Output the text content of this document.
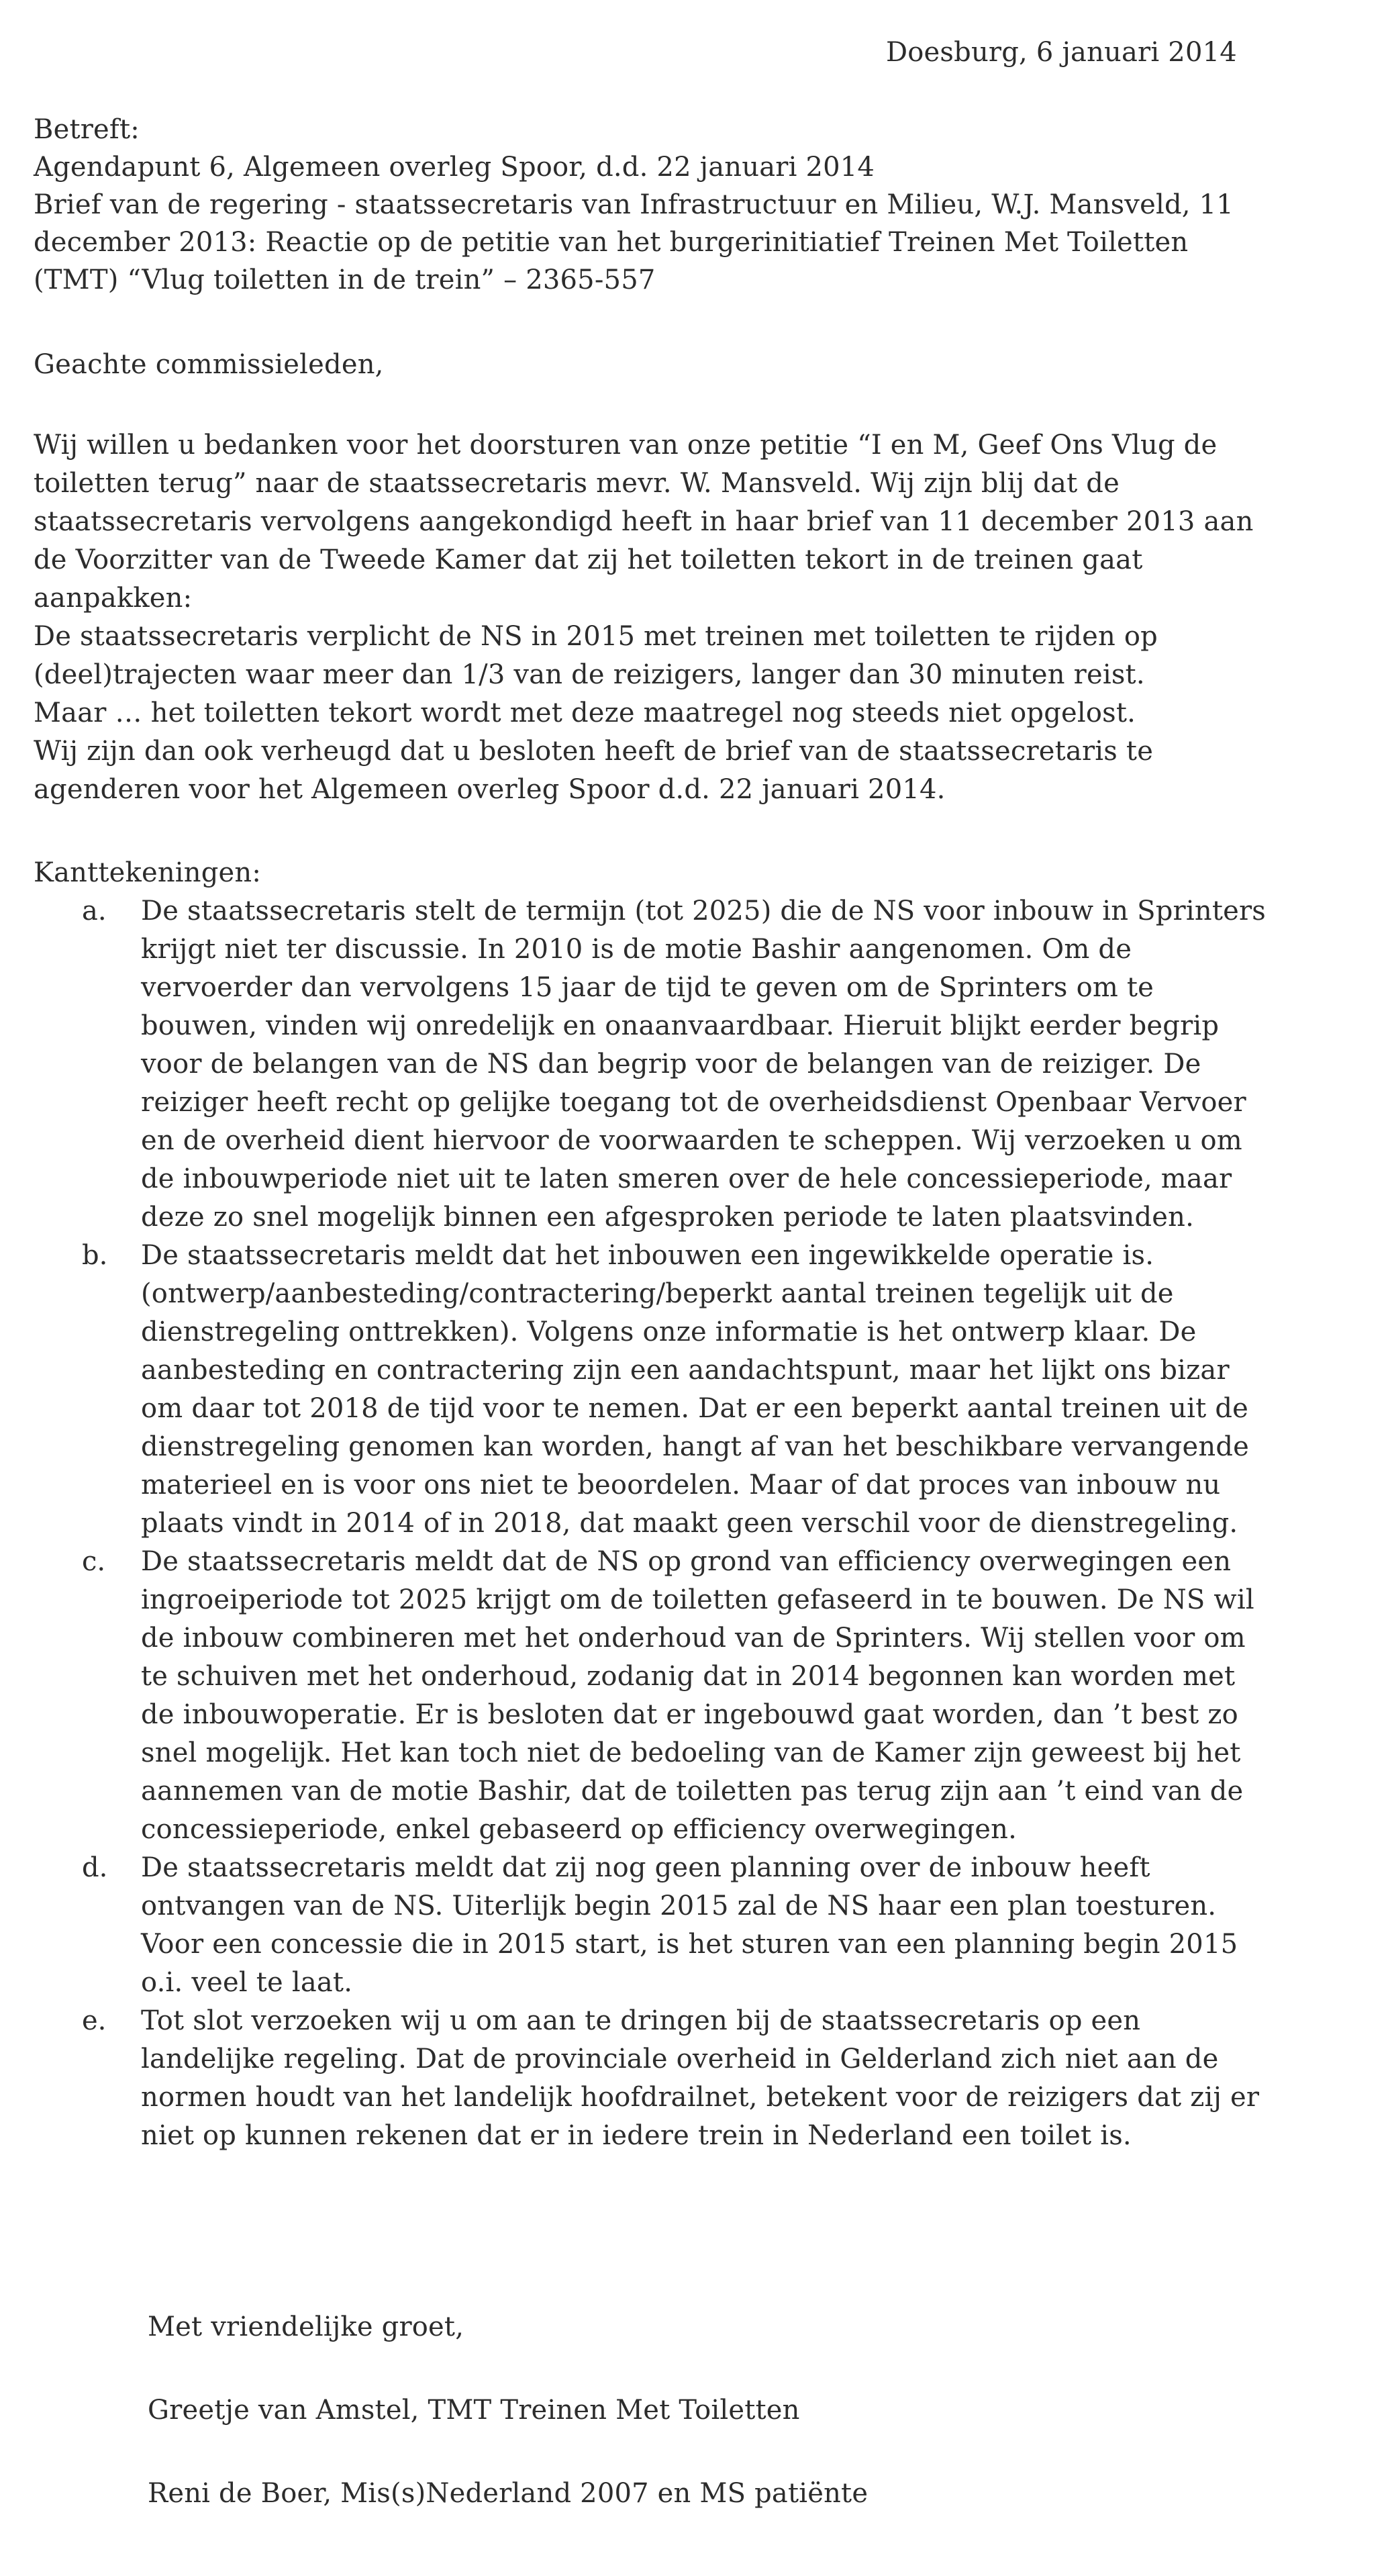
Doesburg, 6 januari 2014
Betreft:
Agendapunt 6, Algemeen overleg Spoor, d.d. 22 januari 2014
Brief van de regering - staatssecretaris van Infrastructuur en Milieu, W.J. Mansveld, 11
december 2013: Reactie op de petitie van het burgerinitiatief Treinen Met Toiletten
(TMT) “Vlug toiletten in de trein” – 2365-557
Geachte commissieleden,
Wij willen u bedanken voor het doorsturen van onze petitie “I en M, Geef Ons Vlug de
toiletten terug” naar de staatssecretaris mevr. W. Mansveld. Wij zijn blij dat de
staatssecretaris vervolgens aangekondigd heeft in haar brief van 11 december 2013 aan
de Voorzitter van de Tweede Kamer dat zij het toiletten tekort in de treinen gaat
aanpakken:
De staatssecretaris verplicht de NS in 2015 met treinen met toiletten te rijden op
(deel)trajecten waar meer dan 1/3 van de reizigers, langer dan 30 minuten reist.
Maar … het toiletten tekort wordt met deze maatregel nog steeds niet opgelost.
Wij zijn dan ook verheugd dat u besloten heeft de brief van de staatssecretaris te
agenderen voor het Algemeen overleg Spoor d.d. 22 januari 2014.
Kanttekeningen:
a. De staatssecretaris stelt de termijn (tot 2025) die de NS voor inbouw in Sprinters
krijgt niet ter discussie. In 2010 is de motie Bashir aangenomen. Om de
vervoerder dan vervolgens 15 jaar de tijd te geven om de Sprinters om te
bouwen, vinden wij onredelijk en onaanvaardbaar. Hieruit blijkt eerder begrip
voor de belangen van de NS dan begrip voor de belangen van de reiziger. De
reiziger heeft recht op gelijke toegang tot de overheidsdienst Openbaar Vervoer
en de overheid dient hiervoor de voorwaarden te scheppen. Wij verzoeken u om
de inbouwperiode niet uit te laten smeren over de hele concessieperiode, maar
deze zo snel mogelijk binnen een afgesproken periode te laten plaatsvinden.
b. De staatssecretaris meldt dat het inbouwen een ingewikkelde operatie is.
(ontwerp/aanbesteding/contractering/beperkt aantal treinen tegelijk uit de
dienstregeling onttrekken). Volgens onze informatie is het ontwerp klaar. De
aanbesteding en contractering zijn een aandachtspunt, maar het lijkt ons bizar
om daar tot 2018 de tijd voor te nemen. Dat er een beperkt aantal treinen uit de
dienstregeling genomen kan worden, hangt af van het beschikbare vervangende
materieel en is voor ons niet te beoordelen. Maar of dat proces van inbouw nu
plaats vindt in 2014 of in 2018, dat maakt geen verschil voor de dienstregeling.
c. De staatssecretaris meldt dat de NS op grond van efficiency overwegingen een
ingroeiperiode tot 2025 krijgt om de toiletten gefaseerd in te bouwen. De NS wil
de inbouw combineren met het onderhoud van de Sprinters. Wij stellen voor om
te schuiven met het onderhoud, zodanig dat in 2014 begonnen kan worden met
de inbouwoperatie. Er is besloten dat er ingebouwd gaat worden, dan ’t best zo
snel mogelijk. Het kan toch niet de bedoeling van de Kamer zijn geweest bij het
aannemen van de motie Bashir, dat de toiletten pas terug zijn aan ’t eind van de
concessieperiode, enkel gebaseerd op efficiency overwegingen.
d. De staatssecretaris meldt dat zij nog geen planning over de inbouw heeft
ontvangen van de NS. Uiterlijk begin 2015 zal de NS haar een plan toesturen.
Voor een concessie die in 2015 start, is het sturen van een planning begin 2015
o.i. veel te laat.
e. Tot slot verzoeken wij u om aan te dringen bij de staatssecretaris op een
landelijke regeling. Dat de provinciale overheid in Gelderland zich niet aan de
normen houdt van het landelijk hoofdrailnet, betekent voor de reizigers dat zij er
niet op kunnen rekenen dat er in iedere trein in Nederland een toilet is.
Met vriendelijke groet,
Greetje van Amstel, TMT Treinen Met Toiletten
Reni de Boer, Mis(s)Nederland 2007 en MS patiënte
